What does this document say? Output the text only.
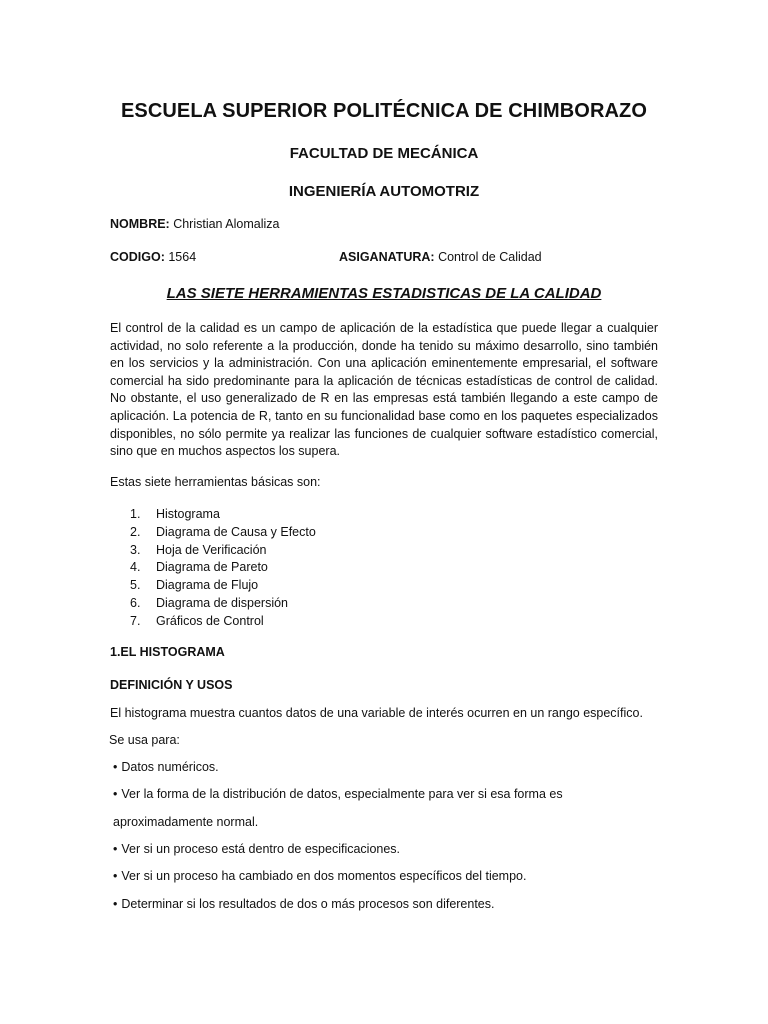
ESCUELA SUPERIOR POLITÉCNICA DE CHIMBORAZO
FACULTAD DE MECÁNICA
INGENIERÍA AUTOMOTRIZ
NOMBRE: Christian Alomaliza
CODIGO: 1564	ASIGANATURA: Control de Calidad
LAS SIETE HERRAMIENTAS ESTADISTICAS DE LA CALIDAD

El control de la calidad es un campo de aplicación de la estadística que puede llegar a cualquier actividad, no solo referente a la producción, donde ha tenido su máximo desarrollo, sino también en los servicios y la administración. Con una aplicación eminentemente empresarial, el software comercial ha sido predominante para la aplicación de técnicas estadísticas de control de calidad. No obstante, el uso generalizado de R en las empresas está también llegando a este campo de aplicación. La potencia de R, tanto en su funcionalidad base como en los paquetes especializados disponibles, no sólo permite ya realizar las funciones de cualquier software estadístico comercial, sino que en muchos aspectos los supera.

Estas siete herramientas básicas son:
1.	Histograma
2.	Diagrama de Causa y Efecto
3.	Hoja de Verificación
4.	Diagrama de Pareto
5.	Diagrama de Flujo
6.	Diagrama de dispersión
7.	Gráficos de Control
1.EL HISTOGRAMA
DEFINICIÓN Y USOS
El histograma muestra cuantos datos de una variable de interés ocurren en un rango específico.
Se usa para:
• Datos numéricos.
• Ver la forma de la distribución de datos, especialmente para ver si esa forma es
aproximadamente normal.
• Ver si un proceso está dentro de especificaciones.
• Ver si un proceso ha cambiado en dos momentos específicos del tiempo.
• Determinar si los resultados de dos o más procesos son diferentes.
